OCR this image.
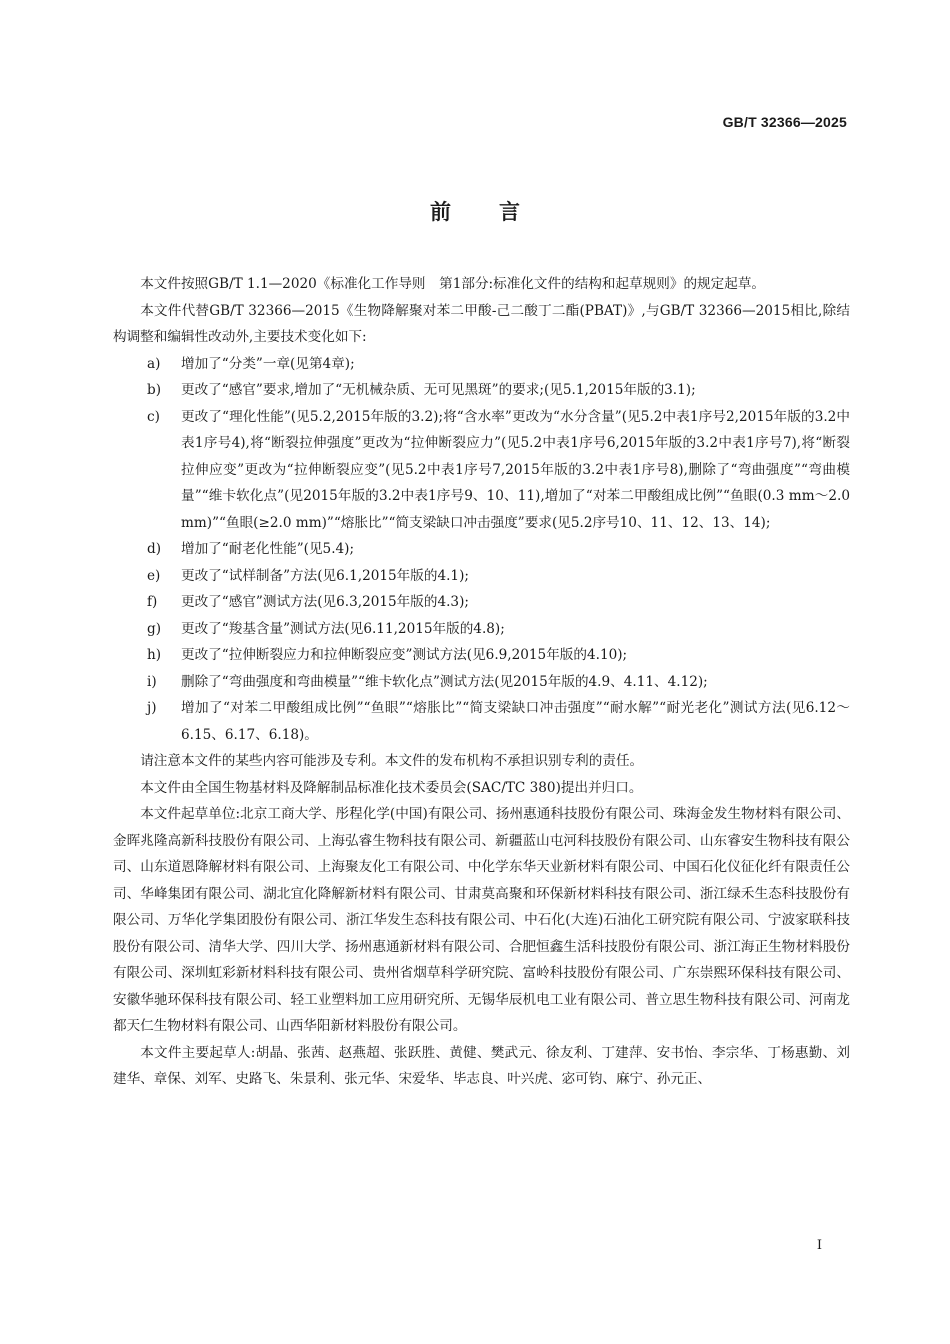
GB/T 32366—2025
前言

本文件按照GB/T 1.1—2020《标准化工作导则　第1部分:标准化文件的结构和起草规则》的规定起草。

本文件代替GB/T 32366—2015《生物降解聚对苯二甲酸-己二酸丁二酯(PBAT)》,与GB/T 32366—2015相比,除结构调整和编辑性改动外,主要技术变化如下:

a)	增加了“分类”一章(见第4章);
b)	更改了“感官”要求,增加了“无机械杂质、无可见黑斑”的要求;(见5.1,2015年版的3.1);
c)	更改了“理化性能”(见5.2,2015年版的3.2);将“含水率”更改为“水分含量”(见5.2中表1序号2,2015年版的3.2中表1序号4),将“断裂拉伸强度”更改为“拉伸断裂应力”(见5.2中表1序号6,2015年版的3.2中表1序号7),将“断裂拉伸应变”更改为“拉伸断裂应变”(见5.2中表1序号7,2015年版的3.2中表1序号8),删除了“弯曲强度”“弯曲模量”“维卡软化点”(见2015年版的3.2中表1序号9、10、11),增加了“对苯二甲酸组成比例”“鱼眼(0.3 mm～2.0 mm)”“鱼眼(≥2.0 mm)”“熔胀比”“简支梁缺口冲击强度”要求(见5.2序号10、11、12、13、14);
d)	增加了“耐老化性能”(见5.4);
e)	更改了“试样制备”方法(见6.1,2015年版的4.1);
f)	更改了“感官”测试方法(见6.3,2015年版的4.3);
g)	更改了“羧基含量”测试方法(见6.11,2015年版的4.8);
h)	更改了“拉伸断裂应力和拉伸断裂应变”测试方法(见6.9,2015年版的4.10);
i)	删除了“弯曲强度和弯曲模量”“维卡软化点”测试方法(见2015年版的4.9、4.11、4.12);
j)	增加了“对苯二甲酸组成比例”“鱼眼”“熔胀比”“简支梁缺口冲击强度”“耐水解”“耐光老化”测试方法(见6.12～6.15、6.17、6.18)。

请注意本文件的某些内容可能涉及专利。本文件的发布机构不承担识别专利的责任。

本文件由全国生物基材料及降解制品标准化技术委员会(SAC/TC 380)提出并归口。

本文件起草单位:北京工商大学、彤程化学(中国)有限公司、扬州惠通科技股份有限公司、珠海金发生物材料有限公司、金晖兆隆高新科技股份有限公司、上海弘睿生物科技有限公司、新疆蓝山屯河科技股份有限公司、山东睿安生物科技有限公司、山东道恩降解材料有限公司、上海聚友化工有限公司、中化学东华天业新材料有限公司、中国石化仪征化纤有限责任公司、华峰集团有限公司、湖北宜化降解新材料有限公司、甘肃莫高聚和环保新材料科技有限公司、浙江绿禾生态科技股份有限公司、万华化学集团股份有限公司、浙江华发生态科技有限公司、中石化(大连)石油化工研究院有限公司、宁波家联科技股份有限公司、清华大学、四川大学、扬州惠通新材料有限公司、合肥恒鑫生活科技股份有限公司、浙江海正生物材料股份有限公司、深圳虹彩新材料科技有限公司、贵州省烟草科学研究院、富岭科技股份有限公司、广东崇熙环保科技有限公司、安徽华驰环保科技有限公司、轻工业塑料加工应用研究所、无锡华辰机电工业有限公司、普立思生物科技有限公司、河南龙都天仁生物材料有限公司、山西华阳新材料股份有限公司。

本文件主要起草人:胡晶、张茜、赵燕超、张跃胜、黄健、樊武元、徐友利、丁建萍、安书怡、李宗华、丁杨惠勤、刘建华、章保、刘军、史路飞、朱景利、张元华、宋爱华、毕志良、叶兴虎、宓可钧、麻宁、孙元正、

I
